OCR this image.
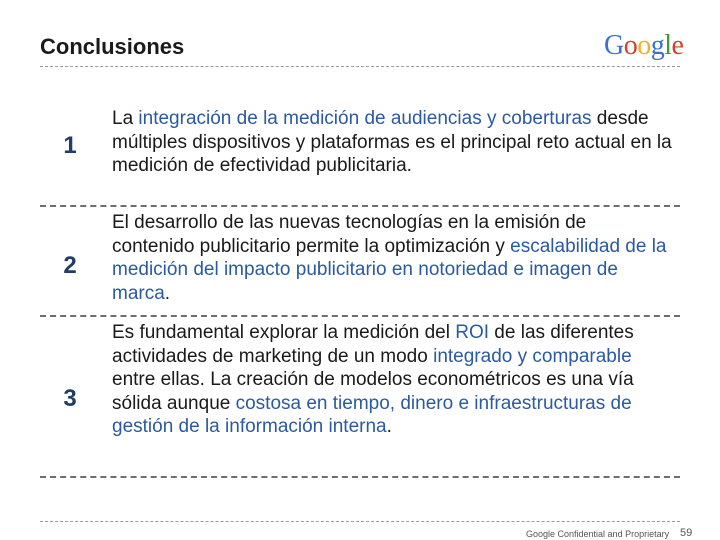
Conclusiones	Google
1
La integración de la medición de audiencias y coberturas desde múltiples dispositivos y plataformas es el principal reto actual en la medición de efectividad publicitaria.
2
El desarrollo de las nuevas tecnologías en la emisión de contenido publicitario permite la optimización y escalabilidad de la medición del impacto publicitario en notoriedad e imagen de marca.
3
Es fundamental explorar la medición del ROI de las diferentes actividades de marketing de un modo integrado y comparable entre ellas. La creación de modelos econométricos es una vía sólida aunque costosa en tiempo, dinero e infraestructuras de gestión de la información interna.
Google Confidential and Proprietary 59
